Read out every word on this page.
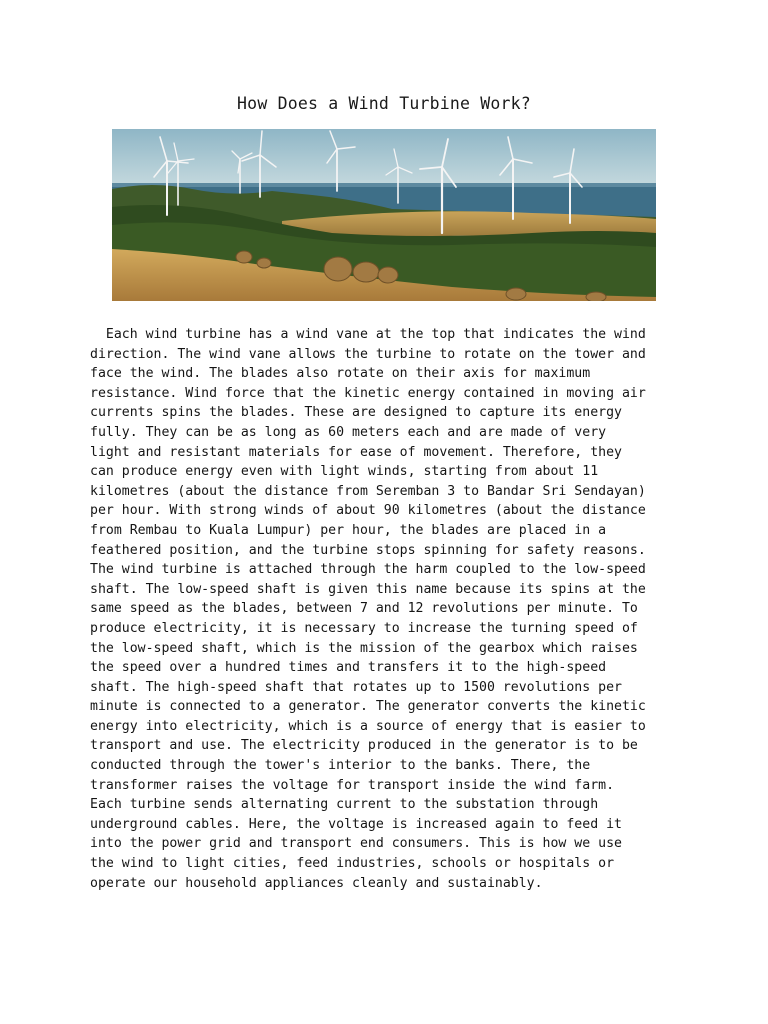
How Does a Wind Turbine Work?
Each wind turbine has a wind vane at the top that indicates the wind
direction. The wind vane allows the turbine to rotate on the tower and
face the wind. The blades also rotate on their axis for maximum
resistance. Wind force that the kinetic energy contained in moving air
currents spins the blades. These are designed to capture its energy
fully. They can be as long as 60 meters each and are made of very
light and resistant materials for ease of movement. Therefore, they
can produce energy even with light winds, starting from about 11
kilometres (about the distance from Seremban 3 to Bandar Sri Sendayan)
per hour. With strong winds of about 90 kilometres (about the distance
from Rembau to Kuala Lumpur) per hour, the blades are placed in a
feathered position, and the turbine stops spinning for safety reasons.
The wind turbine is attached through the harm coupled to the low-speed
shaft. The low-speed shaft is given this name because its spins at the
same speed as the blades, between 7 and 12 revolutions per minute. To
produce electricity, it is necessary to increase the turning speed of
the low-speed shaft, which is the mission of the gearbox which raises
the speed over a hundred times and transfers it to the high-speed
shaft. The high-speed shaft that rotates up to 1500 revolutions per
minute is connected to a generator. The generator converts the kinetic
energy into electricity, which is a source of energy that is easier to
transport and use. The electricity produced in the generator is to be
conducted through the tower's interior to the banks. There, the
transformer raises the voltage for transport inside the wind farm.
Each turbine sends alternating current to the substation through
underground cables. Here, the voltage is increased again to feed it
into the power grid and transport end consumers. This is how we use
the wind to light cities, feed industries, schools or hospitals or
operate our household appliances cleanly and sustainably.
